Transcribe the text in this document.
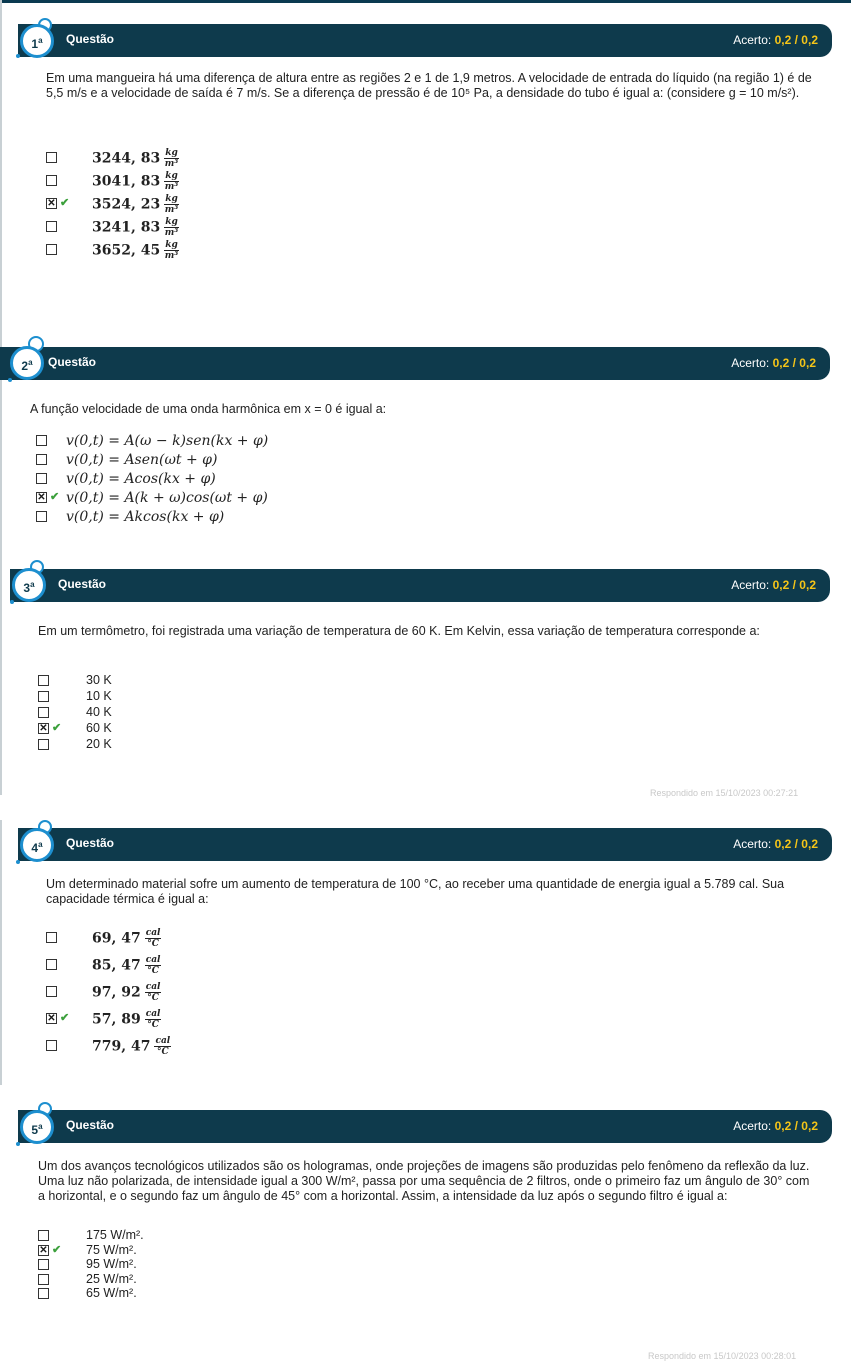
Questão	Acerto: 0,2 / 0,2
1$^a$
Em uma mangueira há uma diferença de altura entre as regiões 2 e 1 de 1,9 metros. A velocidade de entrada do líquido (na região 1) é de 5,5 m/s e a velocidade de saída é 7 m/s. Se a diferença de pressão é de 10⁵ Pa, a densidade do tubo é igual a: (considere g = 10 m/s²).
Questão	Acerto: 0,2 / 0,2
2$^a$
A função velocidade de uma onda harmônica em x = 0 é igual a:
Questão	Acerto: 0,2 / 0,2
3$^a$
Em um termômetro, foi registrada uma variação de temperatura de 60 K. Em Kelvin, essa variação de temperatura corresponde a:
Respondido em 15/10/2023 00:27:21
Questão	Acerto: 0,2 / 0,2
4$^a$
Um determinado material sofre um aumento de temperatura de 100 °C, ao receber uma quantidade de energia igual a 5.789 cal. Sua capacidade térmica é igual a:
Questão	Acerto: 0,2 / 0,2
5$^a$
Um dos avanços tecnológicos utilizados são os hologramas, onde projeções de imagens são produzidas pelo fenômeno da reflexão da luz. Uma luz não polarizada, de intensidade igual a 300 W/m², passa por uma sequência de 2 filtros, onde o primeiro faz um ângulo de 30° com a horizontal, e o segundo faz um ângulo de 45° com a horizontal. Assim, a intensidade da luz após o segundo filtro é igual a:
Respondido em 15/10/2023 00:28:01
3244, $83 \frac{kg}{\text{m³}}$
3041, $83 \frac{kg}{\text{m³}}$
✕ ✔ 3524, $23 \frac{kg}{\text{m³}}$
3241, $83 \frac{kg}{\text{m³}}$
3652, $45 \frac{kg}{\text{m³}}$
v(0,t) = A(ω − k)sen(kx + φ)
v(0,t) = Asen(ωt + φ)
v(0,t) = Acos(kx + φ)
✕ ✔ v(0,t) = A(k + ω)cos(ωt + φ)
v(0,t) = Akcos(kx + φ)
30 K
10 K
40 K
✕ ✔ 60 K
20 K
69, $47 \frac{\text{cal}}{^\circ C}$
85, $47 \frac{\text{cal}}{^\circ C}$
97, $92 \frac{\text{cal}}{^\circ C}$
✕ ✔ 57, $89 \frac{\text{cal}}{^\circ C}$
779, $47 \frac{\text{cal}}{^\circ C}$
175 W/m².
✕ ✔ 75 W/m².
95 W/m².
25 W/m².
65 W/m².
